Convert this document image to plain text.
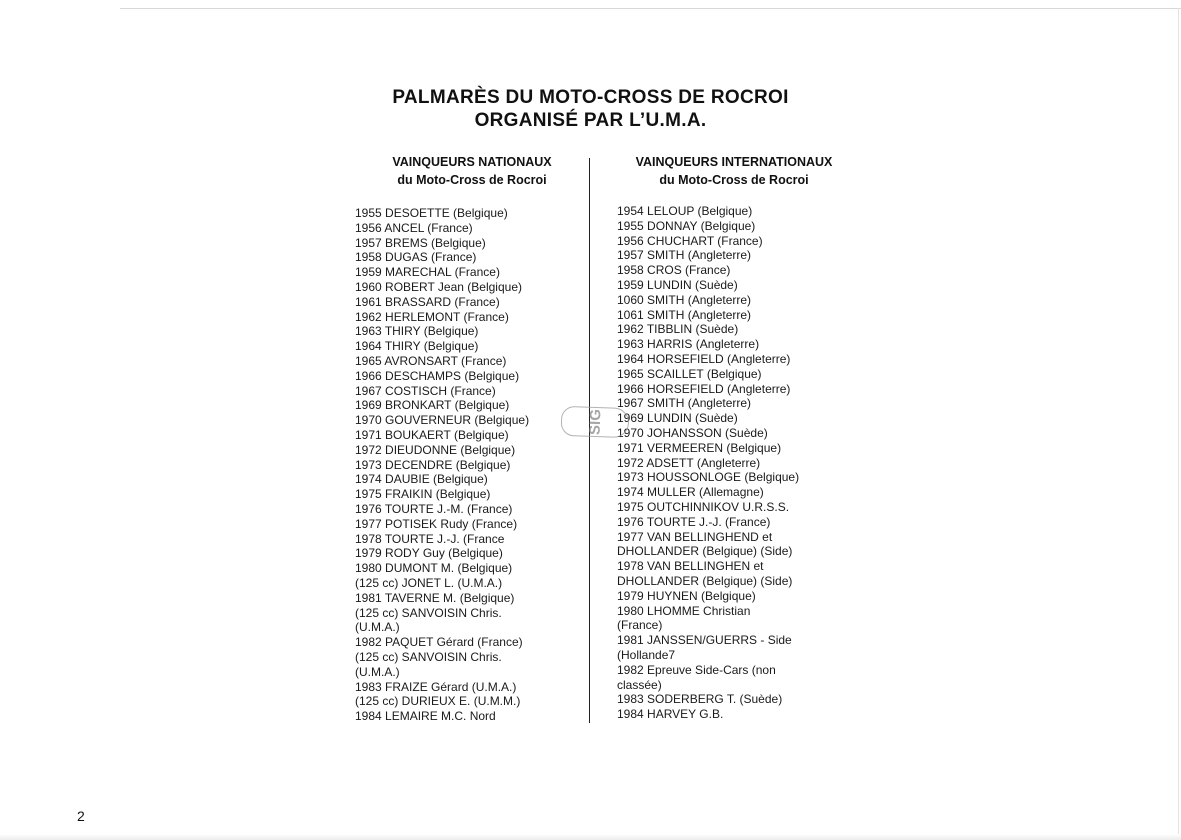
PALMARÈS DU MOTO-CROSS DE ROCROI
ORGANISÉ PAR L’U.M.A.
VAINQUEURS NATIONAUX
du Moto-Cross de Rocroi
VAINQUEURS INTERNATIONAUX
du Moto-Cross de Rocroi
1955 DESOETTE (Belgique)
1956 ANCEL (France)
1957 BREMS (Belgique)
1958 DUGAS (France)
1959 MARECHAL (France)
1960 ROBERT Jean (Belgique)
1961 BRASSARD (France)
1962 HERLEMONT (France)
1963 THIRY (Belgique)
1964 THIRY (Belgique)
1965 AVRONSART (France)
1966 DESCHAMPS (Belgique)
1967 COSTISCH (France)
1969 BRONKART (Belgique)
1970 GOUVERNEUR (Belgique)
1971 BOUKAERT (Belgique)
1972 DIEUDONNE (Belgique)
1973 DECENDRE (Belgique)
1974 DAUBIE (Belgique)
1975 FRAIKIN (Belgique)
1976 TOURTE J.-M. (France)
1977 POTISEK Rudy (France)
1978 TOURTE J.-J. (France
1979 RODY Guy (Belgique)
1980 DUMONT M. (Belgique)
(125 cc) JONET L. (U.M.A.)
1981 TAVERNE M. (Belgique)
(125 cc) SANVOISIN Chris.
(U.M.A.)
1982 PAQUET Gérard (France)
(125 cc) SANVOISIN Chris.
(U.M.A.)
1983 FRAIZE Gérard (U.M.A.)
(125 cc) DURIEUX E. (U.M.M.)
1984 LEMAIRE M.C. Nord
1954 LELOUP (Belgique)
1955 DONNAY (Belgique)
1956 CHUCHART (France)
1957 SMITH (Angleterre)
1958 CROS (France)
1959 LUNDIN (Suède)
1060 SMITH (Angleterre)
1061 SMITH (Angleterre)
1962 TIBBLIN (Suède)
1963 HARRIS (Angleterre)
1964 HORSEFIELD (Angleterre)
1965 SCAILLET (Belgique)
1966 HORSEFIELD (Angleterre)
1967 SMITH (Angleterre)
1969 LUNDIN (Suède)
1970 JOHANSSON (Suède)
1971 VERMEEREN (Belgique)
1972 ADSETT (Angleterre)
1973 HOUSSONLOGE (Belgique)
1974 MULLER (Allemagne)
1975 OUTCHINNIKOV U.R.S.S.
1976 TOURTE J.-J. (France)
1977 VAN BELLINGHEND et
DHOLLANDER (Belgique) (Side)
1978 VAN BELLINGHEN et
DHOLLANDER (Belgique) (Side)
1979 HUYNEN (Belgique)
1980 LHOMME Christian
(France)
1981 JANSSEN/GUERRS - Side
(Hollande7
1982 Epreuve Side-Cars (non
classée)
1983 SODERBERG T. (Suède)
1984 HARVEY G.B.
SIG
2
